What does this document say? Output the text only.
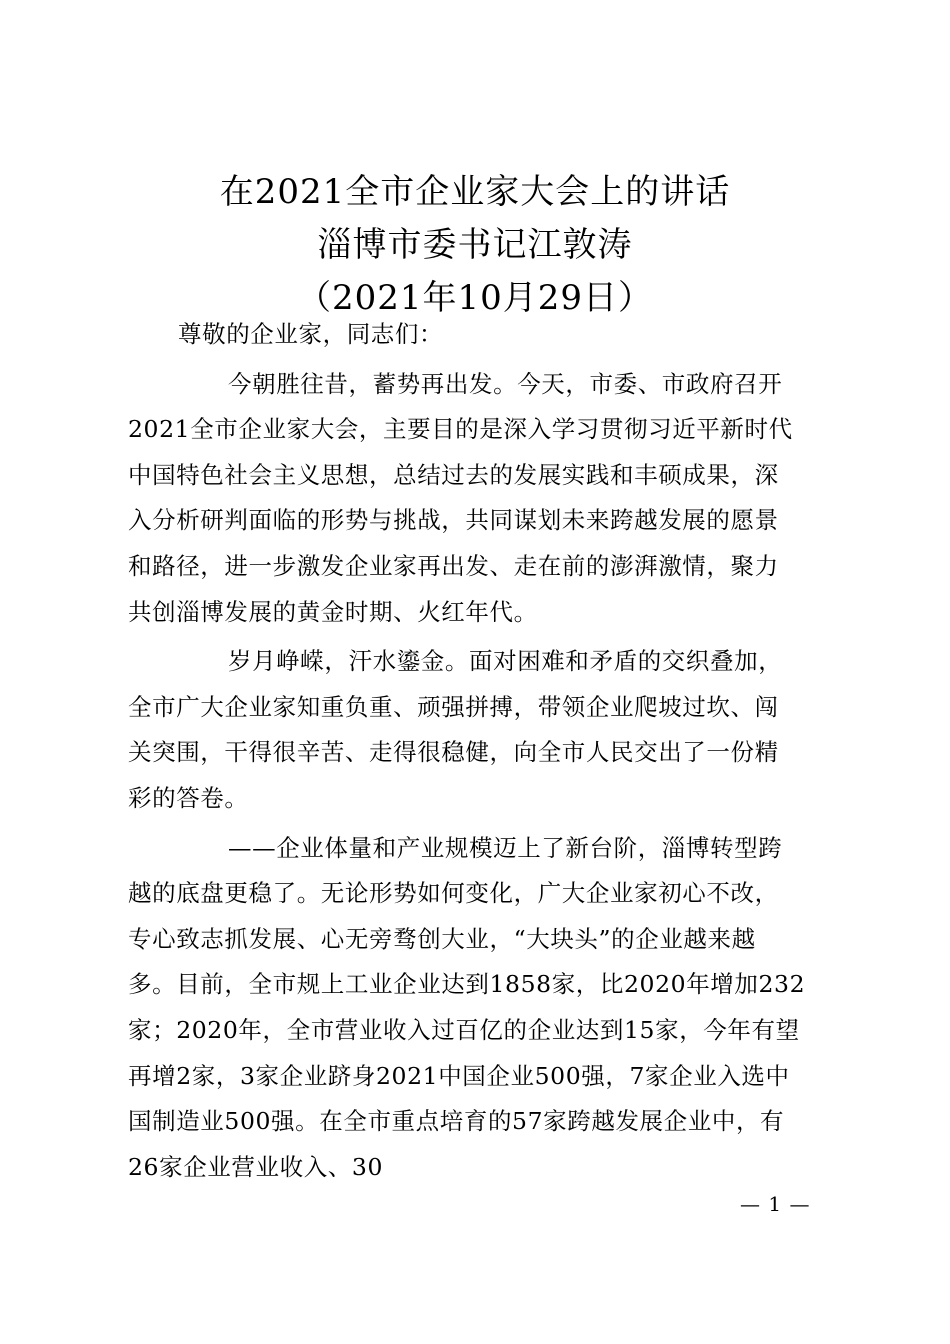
在2021全市企业家大会上的讲话
淄博市委书记江敦涛
（2021年10月29日）
尊敬的企业家，同志们：
今朝胜往昔，蓄势再出发。今天，市委、市政府召开
2021全市企业家大会，主要目的是深入学习贯彻习近平新时代
中国特色社会主义思想，总结过去的发展实践和丰硕成果，深
入分析研判面临的形势与挑战，共同谋划未来跨越发展的愿景
和路径，进一步激发企业家再出发、走在前的澎湃激情，聚力
共创淄博发展的黄金时期、火红年代。
岁月峥嵘，汗水鎏金。面对困难和矛盾的交织叠加，
全市广大企业家知重负重、顽强拼搏，带领企业爬坡过坎、闯
关突围，干得很辛苦、走得很稳健，向全市人民交出了一份精
彩的答卷。
——企业体量和产业规模迈上了新台阶，淄博转型跨
越的底盘更稳了。无论形势如何变化，广大企业家初心不改，
专心致志抓发展、心无旁骛创大业，“大块头”的企业越来越
多。目前，全市规上工业企业达到1858家，比2020年增加232
家；2020年，全市营业收入过百亿的企业达到15家，今年有望
再增2家，3家企业跻身2021中国企业500强，7家企业入选中
国制造业500强。在全市重点培育的57家跨越发展企业中，有
26家企业营业收入、30
— 1 —
